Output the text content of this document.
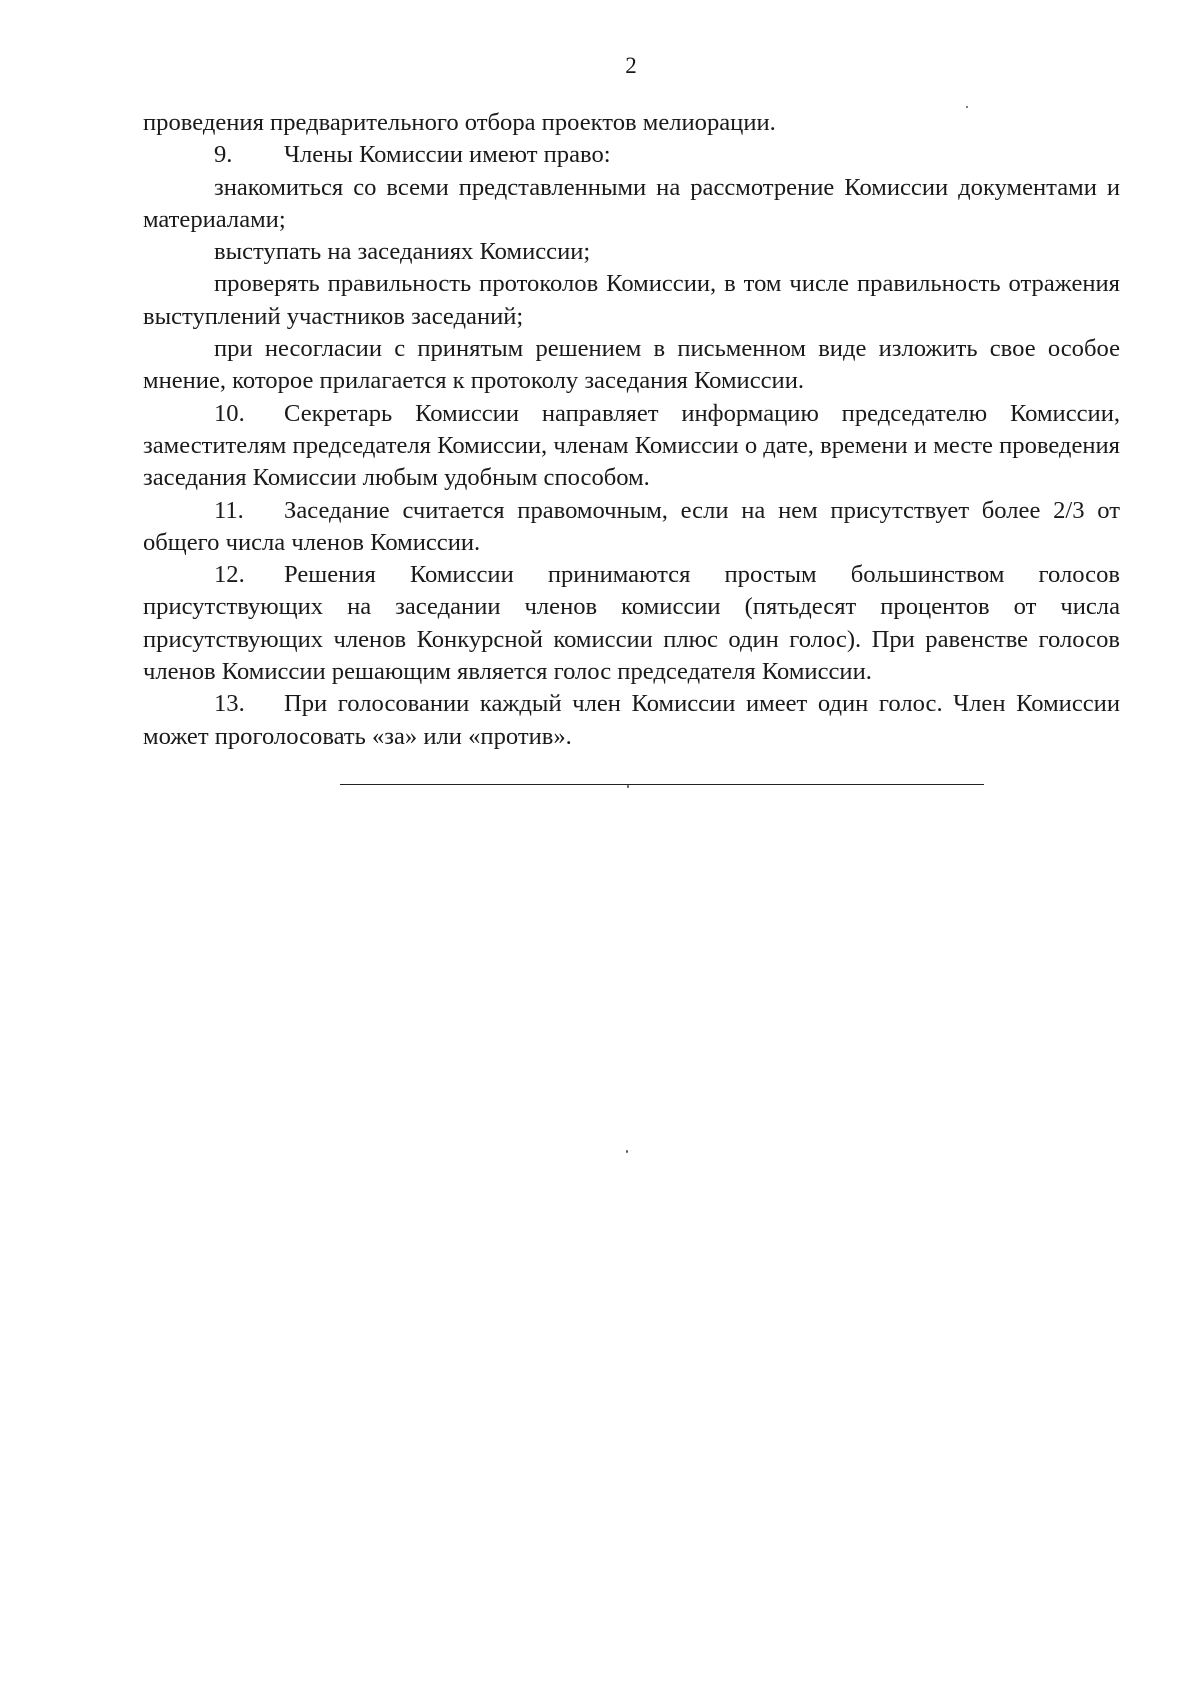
2

проведения предварительного отбора проектов мелиорации.

9. Члены Комиссии имеют право:

знакомиться со всеми представленными на рассмотрение Комиссии документами и материалами;

выступать на заседаниях Комиссии;

проверять правильность протоколов Комиссии, в том числе правильность отражения выступлений участников заседаний;

при несогласии с принятым решением в письменном виде изложить свое особое мнение, которое прилагается к протоколу заседания Комиссии.

10. Секретарь Комиссии направляет информацию председателю Комиссии, заместителям председателя Комиссии, членам Комиссии о дате, времени и месте проведения заседания Комиссии любым удобным способом.

11. Заседание считается правомочным, если на нем присутствует более 2/3 от общего числа членов Комиссии.

12. Решения Комиссии принимаются простым большинством голосов присутствующих на заседании членов комиссии (пятьдесят процентов от числа присутствующих членов Конкурсной комиссии плюс один голос). При равенстве голосов членов Комиссии решающим является голос председателя Комиссии.

13. При голосовании каждый член Комиссии имеет один голос. Член Комиссии может проголосовать «за» или «против».
